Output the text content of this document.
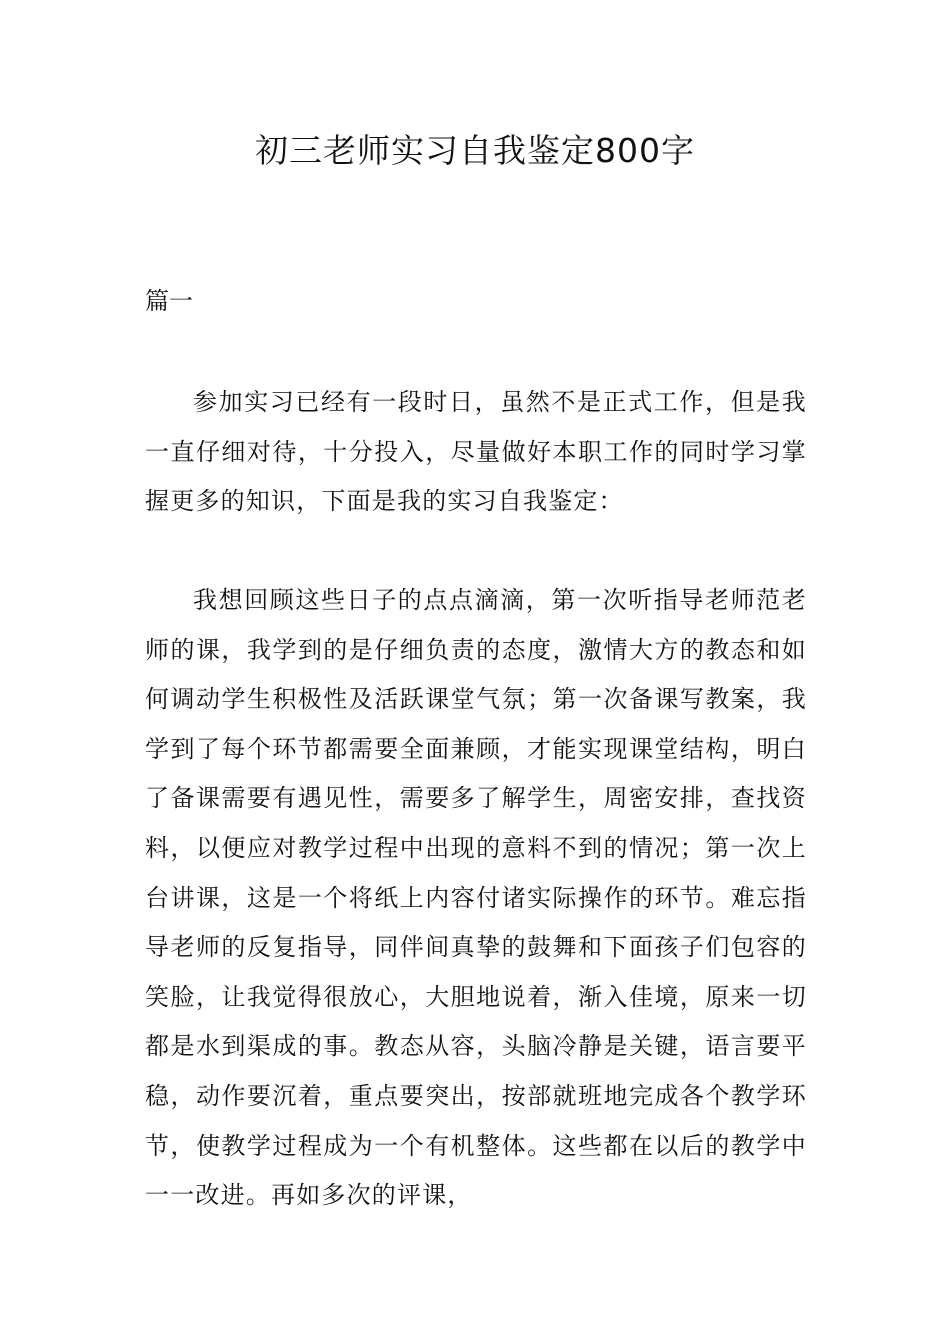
初三老师实习自我鉴定800字

篇一

参加实习已经有一段时日，虽然不是正式工作，但是我一直仔细对待，十分投入，尽量做好本职工作的同时学习掌握更多的知识，下面是我的实习自我鉴定：

我想回顾这些日子的点点滴滴，第一次听指导老师范老师的课，我学到的是仔细负责的态度，激情大方的教态和如何调动学生积极性及活跃课堂气氛；第一次备课写教案，我学到了每个环节都需要全面兼顾，才能实现课堂结构，明白了备课需要有遇见性，需要多了解学生，周密安排，查找资料，以便应对教学过程中出现的意料不到的情况；第一次上台讲课，这是一个将纸上内容付诸实际操作的环节。难忘指导老师的反复指导，同伴间真挚的鼓舞和下面孩子们包容的笑脸，让我觉得很放心，大胆地说着，渐入佳境，原来一切都是水到渠成的事。教态从容，头脑冷静是关键，语言要平稳，动作要沉着，重点要突出，按部就班地完成各个教学环节，使教学过程成为一个有机整体。这些都在以后的教学中一一改进。再如多次的评课，
